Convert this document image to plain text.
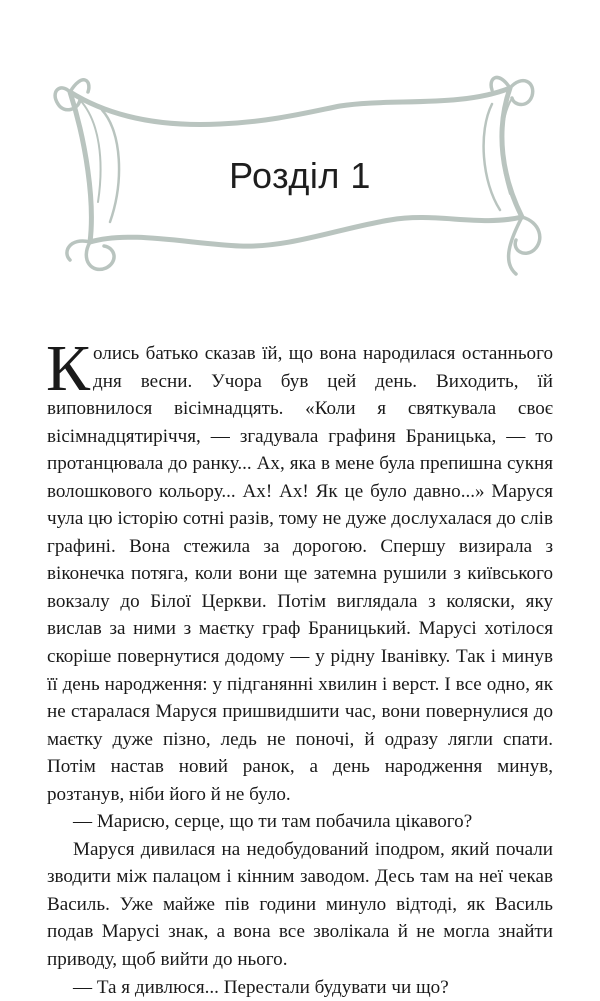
Розділ 1

Колись батько сказав їй, що вона народилася останнього дня весни. Учора був цей день. Виходить, їй виповнилося вісімнадцять. «Коли я святкувала своє вісімнадцятиріччя, — згадувала графиня Браницька, — то протанцювала до ранку... Ах, яка в мене була препишна сукня волошкового кольору... Ах! Ах! Як це було давно...» Маруся чула цю історію сотні разів, тому не дуже дослухалася до слів графині. Вона стежила за дорогою. Спершу визирала з віконечка потяга, коли вони ще затемна рушили з київського вокзалу до Білої Церкви. Потім виглядала з коляски, яку вислав за ними з маєтку граф Браницький. Марусі хотілося скоріше повернутися додому — у рідну Іванівку. Так і минув її день народження: у підганянні хвилин і верст. І все одно, як не старалася Маруся пришвидшити час, вони повернулися до маєтку дуже пізно, ледь не поночі, й одразу лягли спати. Потім настав новий ранок, а день народження минув, розтанув, ніби його й не було.

— Марисю, серце, що ти там побачила цікавого?

Маруся дивилася на недобудований іподром, який почали зводити між палацом і кінним заводом. Десь там на неї чекав Василь. Уже майже пів години минуло відтоді, як Василь подав Марусі знак, а вона все зволікала й не могла знайти приводу, щоб вийти до нього.

— Та я дивлюся... Перестали будувати чи що?
